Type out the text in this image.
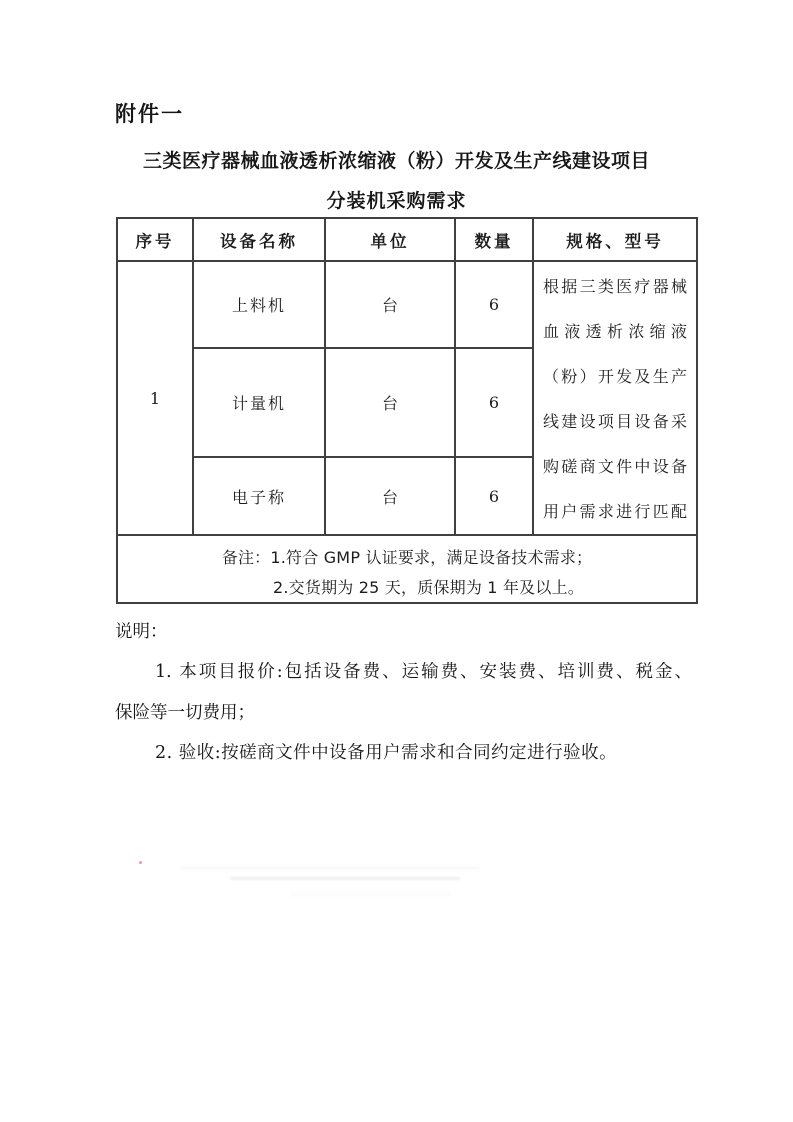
附件一
三类医疗器械血液透析浓缩液（粉）开发及生产线建设项目
分装机采购需求
序号	设备名称	单位	数量	规格、型号
1	上料机	台	6	
根据三类医疗器械
血液透析浓缩液
（粉）开发及生产
线建设项目设备采
购磋商文件中设备
用户需求进行匹配

	计量机	台	6	
	电子称	台	6	

备注：1.符合 GMP 认证要求，满足设备技术需求；
2.交货期为 25 天，质保期为 1 年及以上。				
说明：
1. 本项目报价:包括设备费、运输费、安装费、培训费、税金、
保险等一切费用；
2. 验收:按磋商文件中设备用户需求和合同约定进行验收。
